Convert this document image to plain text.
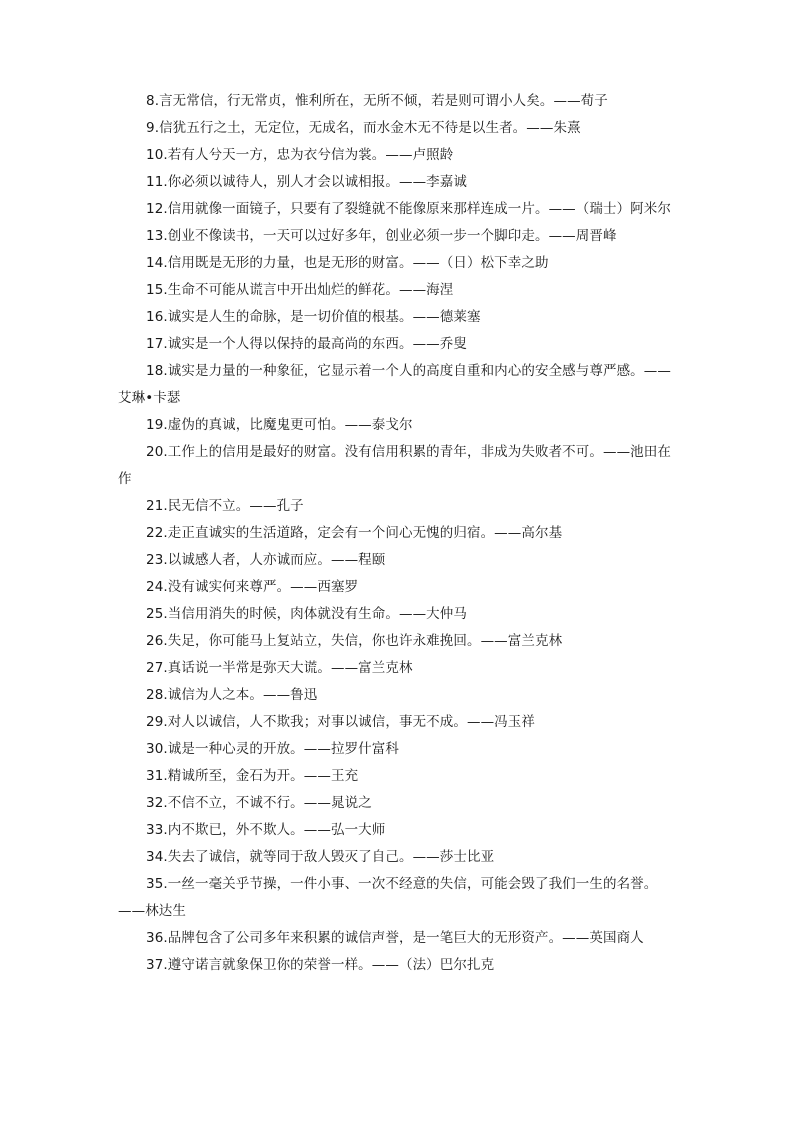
8.言无常信，行无常贞，惟利所在，无所不倾，若是则可谓小人矣。——荀子

9.信犹五行之土，无定位，无成名，而水金木无不待是以生者。——朱熹

10.若有人兮天一方，忠为衣兮信为裳。——卢照龄

11.你必须以诚待人，别人才会以诚相报。——李嘉诚

12.信用就像一面镜子，只要有了裂缝就不能像原来那样连成一片。——（瑞士）阿米尔

13.创业不像读书，一天可以过好多年，创业必须一步一个脚印走。——周晋峰

14.信用既是无形的力量，也是无形的财富。——（日）松下幸之助

15.生命不可能从谎言中开出灿烂的鲜花。——海涅

16.诚实是人生的命脉，是一切价值的根基。——德莱塞

17.诚实是一个人得以保持的最高尚的东西。——乔叟

18.诚实是力量的一种象征，它显示着一个人的高度自重和内心的安全感与尊严感。——艾琳•卡瑟

19.虚伪的真诚，比魔鬼更可怕。——泰戈尔

20.工作上的信用是最好的财富。没有信用积累的青年，非成为失败者不可。——池田在作

21.民无信不立。——孔子

22.走正直诚实的生活道路，定会有一个问心无愧的归宿。——高尔基

23.以诚感人者，人亦诚而应。——程颐

24.没有诚实何来尊严。——西塞罗

25.当信用消失的时候，肉体就没有生命。——大仲马

26.失足，你可能马上复站立，失信，你也许永难挽回。——富兰克林

27.真话说一半常是弥天大谎。——富兰克林

28.诚信为人之本。——鲁迅

29.对人以诚信，人不欺我；对事以诚信，事无不成。——冯玉祥

30.诚是一种心灵的开放。——拉罗什富科

31.精诚所至，金石为开。——王充

32.不信不立，不诚不行。——晁说之

33.内不欺已，外不欺人。——弘一大师

34.失去了诚信，就等同于敌人毁灭了自己。——莎士比亚

35.一丝一毫关乎节操，一件小事、一次不经意的失信，可能会毁了我们一生的名誉。——林达生

36.品牌包含了公司多年来积累的诚信声誉，是一笔巨大的无形资产。——英国商人

37.遵守诺言就象保卫你的荣誉一样。——（法）巴尔扎克
